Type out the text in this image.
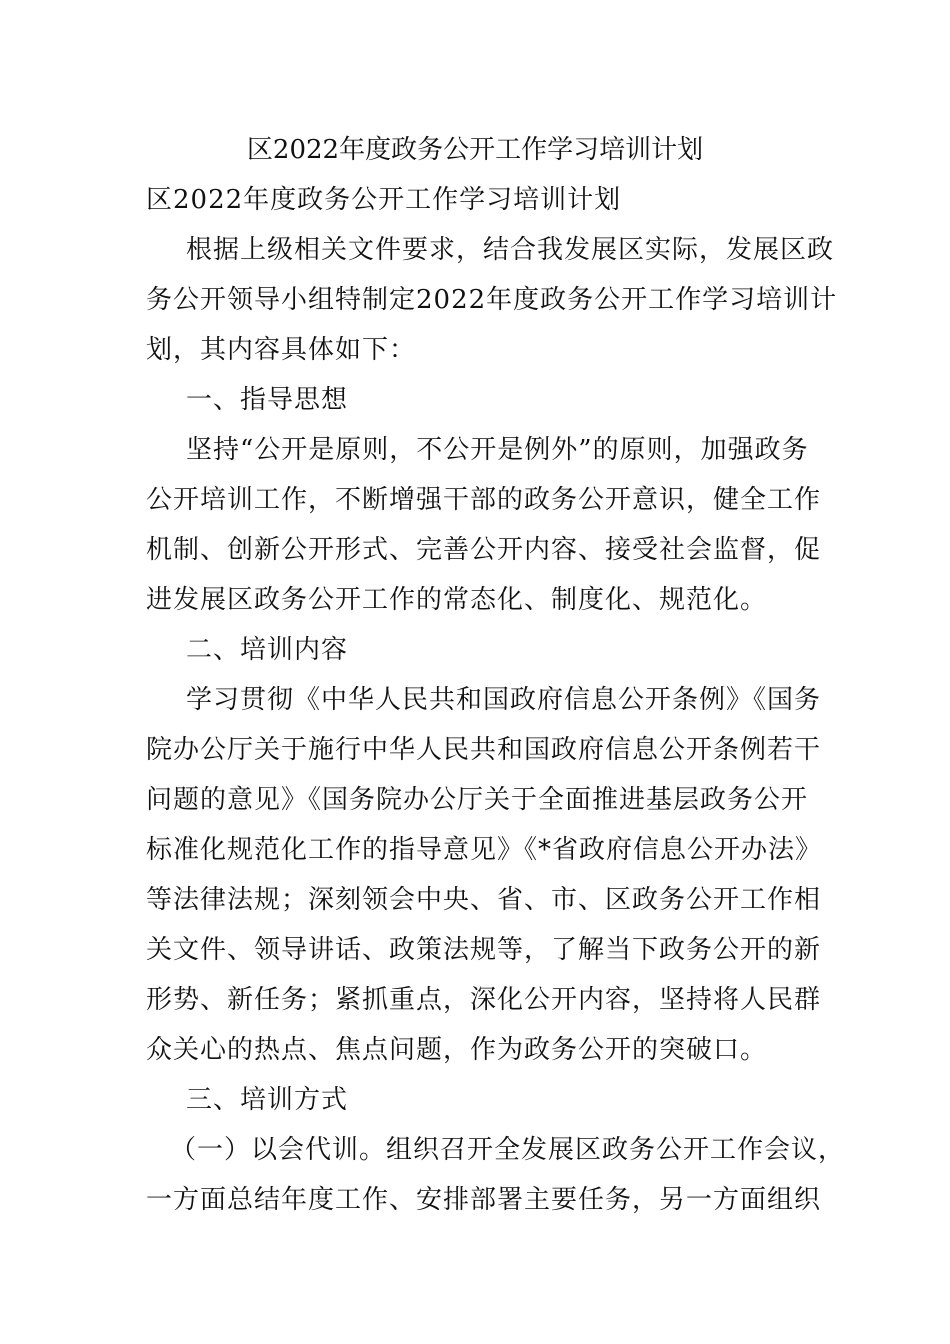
区2022年度政务公开工作学习培训计划
区2022年度政务公开工作学习培训计划
根据上级相关文件要求，结合我发展区实际，发展区政
务公开领导小组特制定2022年度政务公开工作学习培训计
划，其内容具体如下：
一、指导思想
坚持“公开是原则，不公开是例外”的原则，加强政务
公开培训工作，不断增强干部的政务公开意识，健全工作
机制、创新公开形式、完善公开内容、接受社会监督，促
进发展区政务公开工作的常态化、制度化、规范化。
二、培训内容
学习贯彻《中华人民共和国政府信息公开条例》《国务
院办公厅关于施行中华人民共和国政府信息公开条例若干
问题的意见》《国务院办公厅关于全面推进基层政务公开
标准化规范化工作的指导意见》《*省政府信息公开办法》
等法律法规；深刻领会中央、省、市、区政务公开工作相
关文件、领导讲话、政策法规等，了解当下政务公开的新
形势、新任务；紧抓重点，深化公开内容，坚持将人民群
众关心的热点、焦点问题，作为政务公开的突破口。
三、培训方式
（一）以会代训。组织召开全发展区政务公开工作会议，
一方面总结年度工作、安排部署主要任务，另一方面组织
